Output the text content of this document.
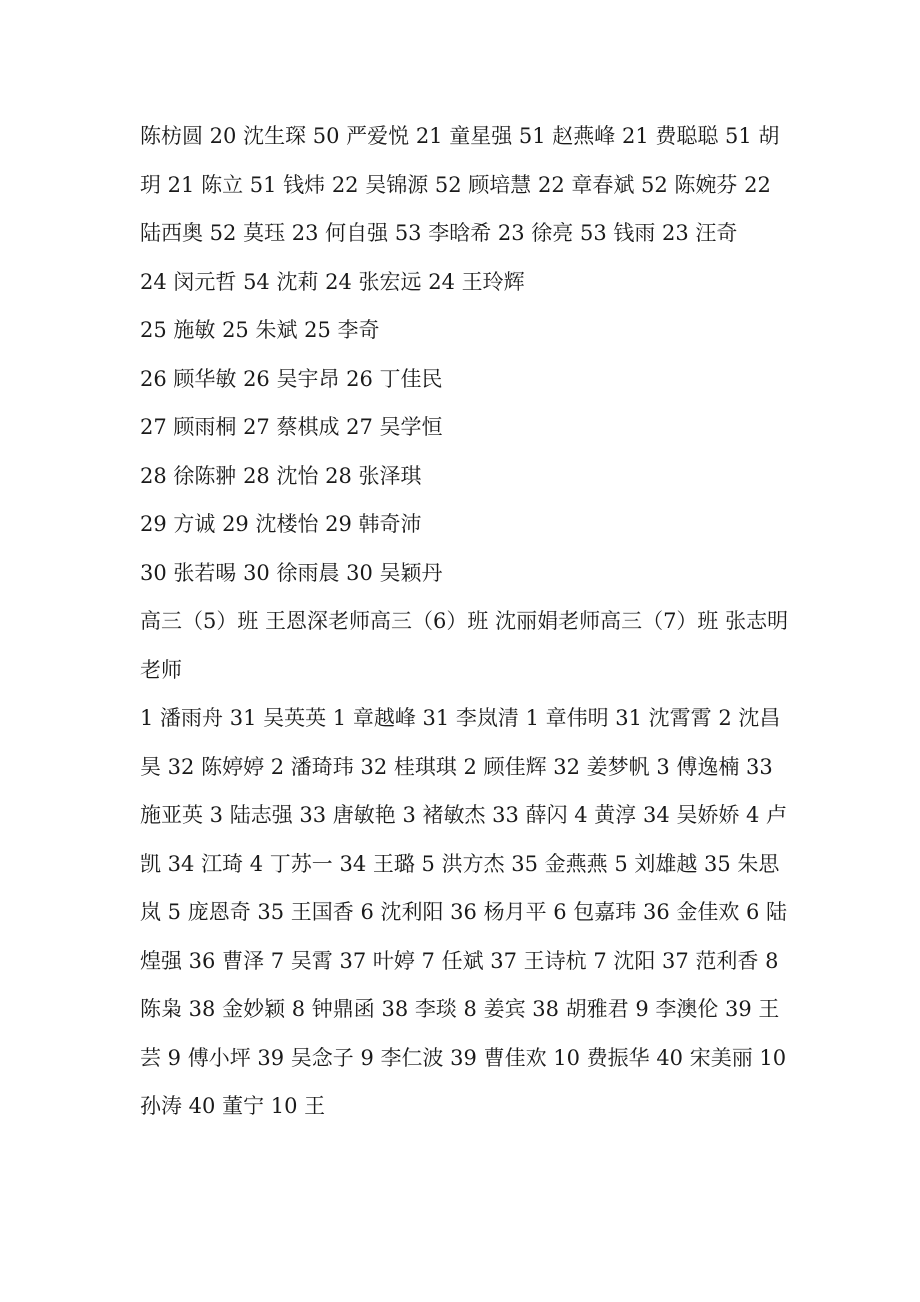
陈枋圆 20 沈生琛 50 严爱悦 21 童星强 51 赵燕峰 21 费聪聪 51 胡玥 21 陈立 51 钱炜 22 吴锦源 52 顾培慧 22 章春斌 52 陈婉芬 22 陆西奥 52 莫珏 23 何自强 53 李晗希 23 徐亮 53 钱雨 23 汪奇

24 闵元哲 54 沈莉 24 张宏远 24 王玲辉

25 施敏 25 朱斌 25 李奇

26 顾华敏 26 吴宇昂 26 丁佳民

27 顾雨桐 27 蔡棋成 27 吴学恒

28 徐陈翀 28 沈怡 28 张泽琪

29 方诚 29 沈楼怡 29 韩奇沛

30 张若晹 30 徐雨晨 30 吴颖丹

高三（5）班 王恩深老师高三（6）班 沈丽娟老师高三（7）班 张志明老师

1 潘雨舟 31 吴英英 1 章越峰 31 李岚清 1 章伟明 31 沈霄霄 2 沈昌昊 32 陈婷婷 2 潘琦玮 32 桂琪琪 2 顾佳辉 32 姜梦帆 3 傅逸楠 33 施亚英 3 陆志强 33 唐敏艳 3 褚敏杰 33 薛闪 4 黄淳 34 吴娇娇 4 卢凯 34 江琦 4 丁苏一 34 王璐 5 洪方杰 35 金燕燕 5 刘雄越 35 朱思岚 5 庞恩奇 35 王国香 6 沈利阳 36 杨月平 6 包嘉玮 36 金佳欢 6 陆煌强 36 曹泽 7 吴霄 37 叶婷 7 任斌 37 王诗杭 7 沈阳 37 范利香 8 陈枭 38 金妙颖 8 钟鼎函 38 李琰 8 姜宾 38 胡雅君 9 李澳伦 39 王芸 9 傅小坪 39 吴念子 9 李仁波 39 曹佳欢 10 费振华 40 宋美丽 10 孙涛 40 董宁 10 王
